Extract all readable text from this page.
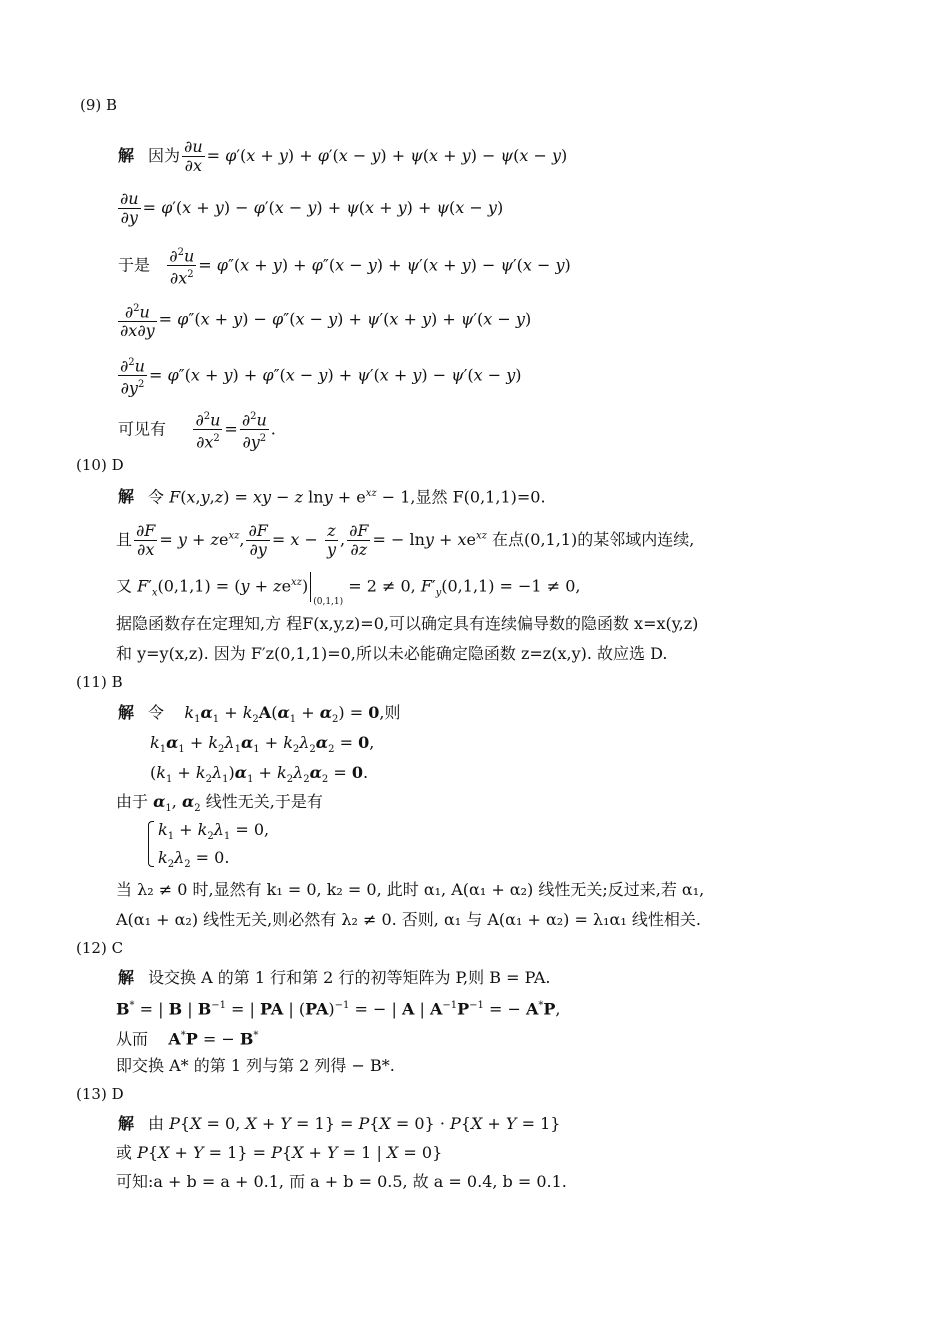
(9) B
解 因为 $\frac{\partial u}{\partial x} = \varphi'(x + y) + \varphi'(x - y) + \psi(x + y) - \psi(x - y)$
$\frac{\partial u}{\partial y} = \varphi'(x + y) - \varphi'(x - y) + \psi(x + y) + \psi(x - y)$
于是 $\frac{\partial^2u}{\partial x^2} = \varphi''(x + y) + \varphi''(x - y) + \psi'(x + y) - \psi'(x - y)$
$\frac{\partial^2u}{\partial x\partial y} = \varphi''(x + y) - \varphi''(x - y) + \psi'(x + y) + \psi'(x - y)$
$\frac{\partial^2u}{\partial y^2} = \varphi''(x + y) + \varphi''(x - y) + \psi'(x + y) - \psi'(x - y)$
可见有 $\frac{\partial^2u}{\partial x^2} = \frac{\partial^2u}{\partial y^2}$ .
(10) D
解 令 F(x,y,z) = xy − z $\ln y + e^{xz} - 1$,显然 F(0,1,1)=0.
且 $\frac{\partial F}{\partial x} = y + ze^{xz}$, $\frac{\partial F}{\partial y} = x - \frac{z}{y}$ , $\frac{\partial F}{\partial z}$ = − $\ln y + xe^{xz}$ 在点(0,1,1)的某邻域内连续,
又 $F'_x(0,1,1) = (y + ze^{xz})_{(0,1,1)} = 2 \ne 0$, $F'_y(0,1,1) = -1 \ne 0$,
据隐函数存在定理知,方 程F(x,y,z)=0,可以确定具有连续偏导数的隐函数 x=x(y,z)
和 y=y(x,z). 因为 F′z(0,1,1)=0,所以未必能确定隐函数 z=z(x,y). 故应选 D.
(11) B
解 令 $k_1\alpha_1 + k_2A(\alpha_1 + \alpha_2) = 0$,则
$k_1\alpha_1 + k_2\lambda_1\alpha_1 + k_2\lambda_2\alpha_2 = 0$,
$(k_1 + k_2\lambda_1)\alpha_1 + k_2\lambda_2\alpha_2 = 0$.
由于 $\alpha_1$, $\alpha_2$ 线性无关,于是有
$k_1 + k_2\lambda_1 = 0$,
$k_2\lambda_2 = 0$.
当 λ₂ ≠ 0 时,显然有 k₁ = 0, k₂ = 0, 此时 α₁, A(α₁ + α₂) 线性无关;反过来,若 α₁,
A(α₁ + α₂) 线性无关,则必然有 λ₂ ≠ 0. 否则, α₁ 与 A(α₁ + α₂) = λ₁α₁ 线性相关.
(12) C
解 设交换 A 的第 1 行和第 2 行的初等矩阵为 P,则 B = PA.
B* = | B | $B^{-1}$ = | PA | (PA)$^{-1}$ = − | A | $A^{-1}P^{-1}$ = − A*P,
从而 A*P = − B*
即交换 A* 的第 1 列与第 2 列得 − B*.
(13) D
解 由 P{X = 0, X + Y = 1} = P{X = 0} · P{X + Y = 1}
或 P{X + Y = 1} = P{X + Y = 1 | X = 0}
可知:a + b = a + 0.1, 而 a + b = 0.5, 故 a = 0.4, b = 0.1.
